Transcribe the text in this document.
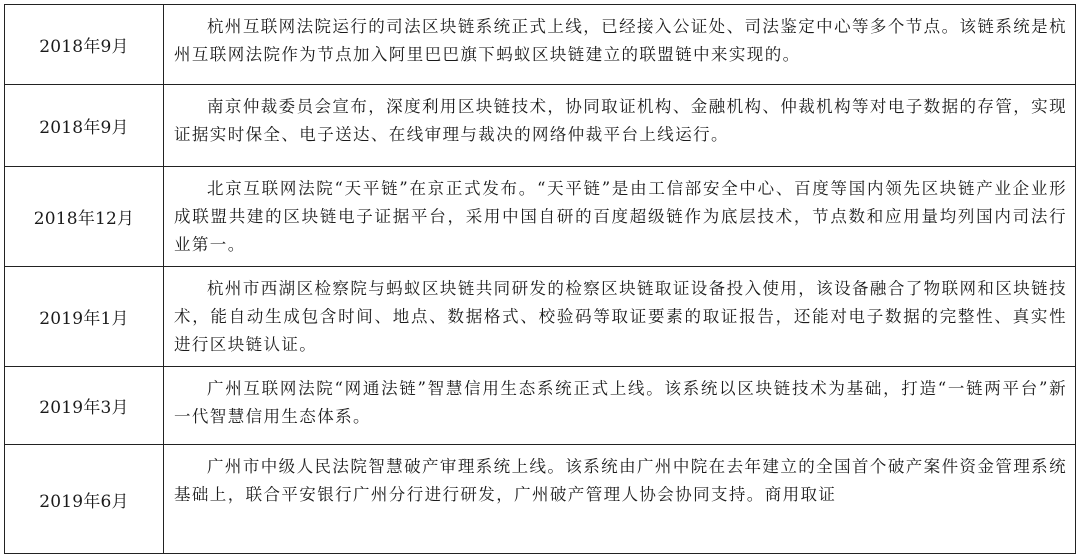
2018年9月
杭州互联网法院运行的司法区块链系统正式上线，已经接入公证处、司法鉴定中心等多个节点。该链系统是杭州互联网法院作为节点加入阿里巴巴旗下蚂蚁区块链建立的联盟链中来实现的。
2018年9月
南京仲裁委员会宣布，深度利用区块链技术，协同取证机构、金融机构、仲裁机构等对电子数据的存管，实现证据实时保全、电子送达、在线审理与裁决的网络仲裁平台上线运行。
2018年12月
北京互联网法院“天平链”在京正式发布。“天平链”是由工信部安全中心、百度等国内领先区块链产业企业形成联盟共建的区块链电子证据平台，采用中国自研的百度超级链作为底层技术，节点数和应用量均列国内司法行业第一。
2019年1月
杭州市西湖区检察院与蚂蚁区块链共同研发的检察区块链取证设备投入使用，该设备融合了物联网和区块链技术，能自动生成包含时间、地点、数据格式、校验码等取证要素的取证报告，还能对电子数据的完整性、真实性进行区块链认证。
2019年3月
广州互联网法院“网通法链”智慧信用生态系统正式上线。该系统以区块链技术为基础，打造“一链两平台”新一代智慧信用生态体系。
2019年6月
广州市中级人民法院智慧破产审理系统上线。该系统由广州中院在去年建立的全国首个破产案件资金管理系统基础上，联合平安银行广州分行进行研发，广州破产管理人协会协同支持。商用取证
